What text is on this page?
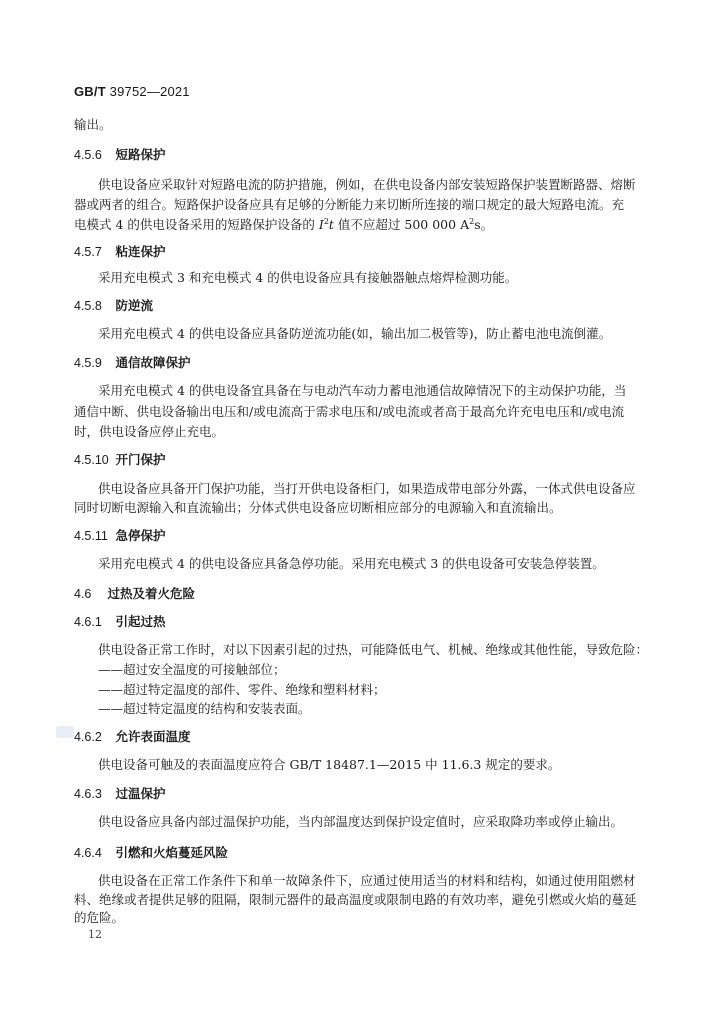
GB/T 39752—2021
输出。
4.5.6 短路保护
供电设备应采取针对短路电流的防护措施，例如，在供电设备内部安装短路保护装置断路器、熔断
器或两者的组合。短路保护设备应具有足够的分断能力来切断所连接的端口规定的最大短路电流。充
电模式 4 的供电设备采用的短路保护设备的 $I^2t$ 值不应超过 500 000 $A^2s$。
4.5.7 粘连保护
采用充电模式 3 和充电模式 4 的供电设备应具有接触器触点熔焊检测功能。
4.5.8 防逆流
采用充电模式 4 的供电设备应具备防逆流功能(如，输出加二极管等)，防止蓄电池电流倒灌。
4.5.9 通信故障保护
采用充电模式 4 的供电设备宜具备在与电动汽车动力蓄电池通信故障情况下的主动保护功能，当
通信中断、供电设备输出电压和/或电流高于需求电压和/或电流或者高于最高允许充电电压和/或电流
时，供电设备应停止充电。
4.5.10 开门保护
供电设备应具备开门保护功能，当打开供电设备柜门，如果造成带电部分外露，一体式供电设备应
同时切断电源输入和直流输出；分体式供电设备应切断相应部分的电源输入和直流输出。
4.5.11 急停保护
采用充电模式 4 的供电设备应具备急停功能。采用充电模式 3 的供电设备可安装急停装置。
4.6 过热及着火危险
4.6.1 引起过热
供电设备正常工作时，对以下因素引起的过热，可能降低电气、机械、绝缘或其他性能，导致危险：
——超过安全温度的可接触部位；
——超过特定温度的部件、零件、绝缘和塑料材料；
——超过特定温度的结构和安装表面。
4.6.2 允许表面温度
供电设备可触及的表面温度应符合 GB/T 18487.1—2015 中 11.6.3 规定的要求。
4.6.3 过温保护
供电设备应具备内部过温保护功能，当内部温度达到保护设定值时，应采取降功率或停止输出。
4.6.4 引燃和火焰蔓延风险
供电设备在正常工作条件下和单一故障条件下，应通过使用适当的材料和结构，如通过使用阻燃材
料、绝缘或者提供足够的阻隔，限制元器件的最高温度或限制电路的有效功率，避免引燃或火焰的蔓延
的危险。
12
